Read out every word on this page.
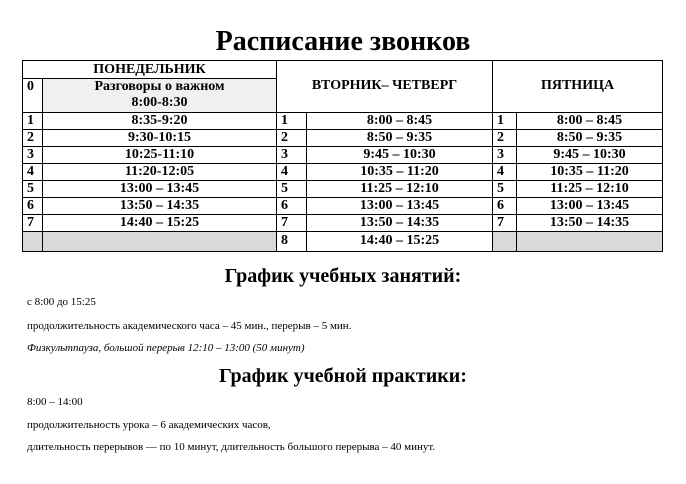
Расписание звонков
ПОНЕДЕЛЬНИК		ВТОРНИК– ЧЕТВЕРГ		ПЯТНИЦА	
0	Разговоры о важном				
	8:00-8:30				
1	8:35-9:20	1	8:00 – 8:45	1	8:00 – 8:45
2	9:30-10:15	2	8:50 – 9:35	2	8:50 – 9:35
3	10:25-11:10	3	9:45 – 10:30	3	9:45 – 10:30
4	11:20-12:05	4	10:35 – 11:20	4	10:35 – 11:20
5	13:00 – 13:45	5	11:25 – 12:10	5	11:25 – 12:10
6	13:50 – 14:35	6	13:00 – 13:45	6	13:00 – 13:45
7	14:40 – 15:25	7	13:50 – 14:35	7	13:50 – 14:35
		8	14:40 – 15:25		
График учебных занятий:
с 8:00 до 15:25
продолжительность академического часа – 45 мин., перерыв – 5 мин.
Физкультпауза, большой перерыв 12:10 – 13:00 (50 минут)
График учебной практики:
8:00 – 14:00
продолжительность урока – 6 академических часов,
длительность перерывов — по 10 минут, длительность большого перерыва – 40 минут.
